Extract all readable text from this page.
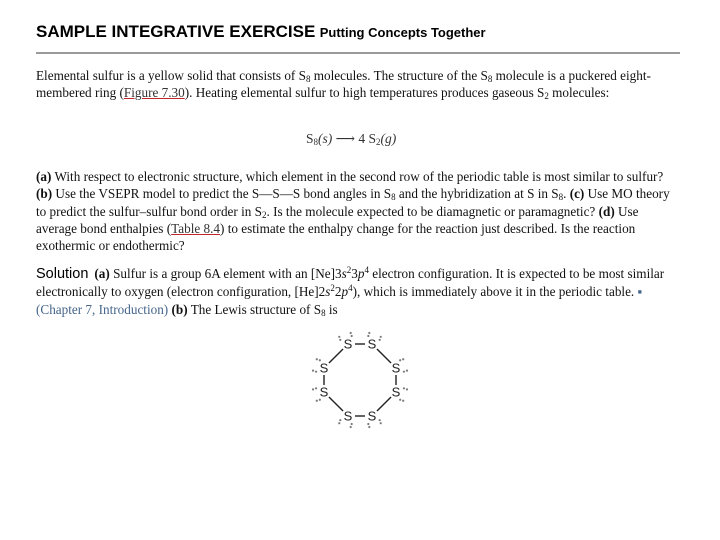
SAMPLE INTEGRATIVE EXERCISE Putting Concepts Together

Elemental sulfur is a yellow solid that consists of $S_8$ molecules. The structure of the $S_8$ molecule is a puckered eight-membered ring (Figure 7.30). Heating elemental sulfur to high temperatures produces gaseous $S_2$ molecules:

$S_8(s)$ ⟶ 4 $S_2(g)$

(a) With respect to electronic structure, which element in the second row of the periodic table is most similar to sulfur? (b) Use the VSEPR model to predict the S—S—S bond angles in $S_8$ and the hybridization at S in $S_8$. (c) Use MO theory to predict the sulfur–sulfur bond order in $S_2$. Is the molecule expected to be diamagnetic or paramagnetic? (d) Use average bond enthalpies (Table 8.4) to estimate the enthalpy change for the reaction just described. Is the reaction exothermic or endothermic?

Solution (a) Sulfur is a group 6A element with an $[Ne]3s^23p^4$ electron configuration. It is expected to be most similar electronically to oxygen (electron configuration, $[He]2s^22p^4$), which is immediately above it in the periodic table. ▪ (Chapter 7, Introduction) (b) The Lewis structure of $S_8$ is

S S
S
S
S
S
S
S
